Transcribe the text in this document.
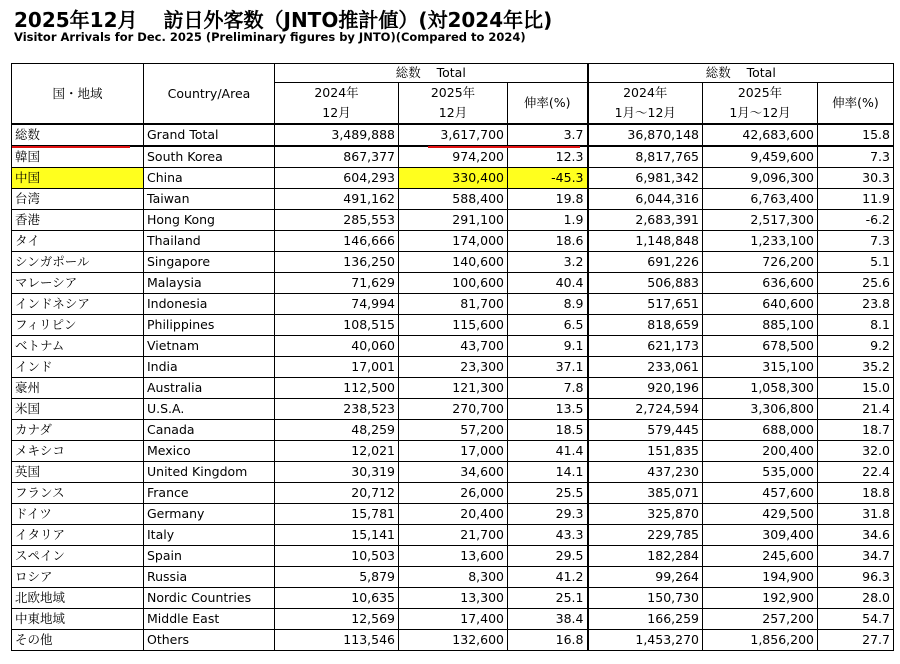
2025年12月 訪日外客数（JNTO推計値）(対2024年比)
Visitor Arrivals for Dec. 2025 (Preliminary figures by JNTO)(Compared to 2024)
国・地域	Country/Area	総数 Total			総数 Total		
		2024年	2025年	伸率(%)	2024年	2025年	伸率(%)
		12月	12月		1月～12月	1月～12月	
総数	Grand Total	3,489,888	3,617,700	3.7	36,870,148	42,683,600	15.8
韓国	South Korea	867,377	974,200	12.3	8,817,765	9,459,600	7.3
中国	China	604,293	330,400	-45.3	6,981,342	9,096,300	30.3
台湾	Taiwan	491,162	588,400	19.8	6,044,316	6,763,400	11.9
香港	Hong Kong	285,553	291,100	1.9	2,683,391	2,517,300	-6.2
タイ	Thailand	146,666	174,000	18.6	1,148,848	1,233,100	7.3
シンガポール	Singapore	136,250	140,600	3.2	691,226	726,200	5.1
マレーシア	Malaysia	71,629	100,600	40.4	506,883	636,600	25.6
インドネシア	Indonesia	74,994	81,700	8.9	517,651	640,600	23.8
フィリピン	Philippines	108,515	115,600	6.5	818,659	885,100	8.1
ベトナム	Vietnam	40,060	43,700	9.1	621,173	678,500	9.2
インド	India	17,001	23,300	37.1	233,061	315,100	35.2
豪州	Australia	112,500	121,300	7.8	920,196	1,058,300	15.0
米国	U.S.A.	238,523	270,700	13.5	2,724,594	3,306,800	21.4
カナダ	Canada	48,259	57,200	18.5	579,445	688,000	18.7
メキシコ	Mexico	12,021	17,000	41.4	151,835	200,400	32.0
英国	United Kingdom	30,319	34,600	14.1	437,230	535,000	22.4
フランス	France	20,712	26,000	25.5	385,071	457,600	18.8
ドイツ	Germany	15,781	20,400	29.3	325,870	429,500	31.8
イタリア	Italy	15,141	21,700	43.3	229,785	309,400	34.6
スペイン	Spain	10,503	13,600	29.5	182,284	245,600	34.7
ロシア	Russia	5,879	8,300	41.2	99,264	194,900	96.3
北欧地域	Nordic Countries	10,635	13,300	25.1	150,730	192,900	28.0
中東地域	Middle East	12,569	17,400	38.4	166,259	257,200	54.7
その他	Others	113,546	132,600	16.8	1,453,270	1,856,200	27.7
